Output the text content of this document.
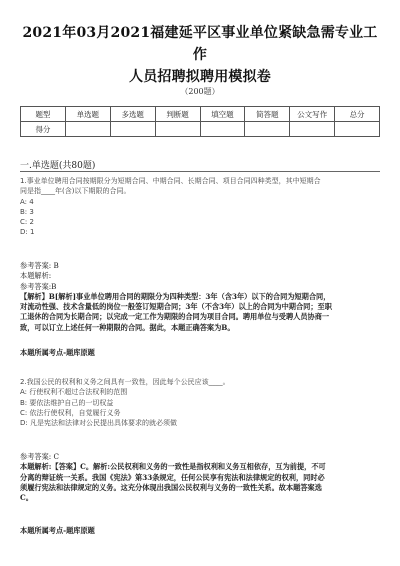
2021年03月2021福建延平区事业单位紧缺急需专业工作
人员招聘拟聘用模拟卷
（200题）
题型	单选题	多选题	判断题	填空题	简答题	公文写作	总分
得分							
一.单选题(共80题)
1.事业单位聘用合同按期限分为短期合同、中期合同、长期合同、项目合同四种类型，其中短期合
同是指____年(含)以下期限的合同。
A: 4
B: 3
C: 2
D: 1
参考答案: B
本题解析:
参考答案:B
【解析】B[解析]事业单位聘用合同的期限分为四种类型：3年（含3年）以下的合同为短期合同，
对流动性强、技术含量低的岗位一般签订短期合同；3年（不含3年）以上的合同为中期合同；至职
工退休的合同为长期合同；以完成一定工作为期限的合同为项目合同。聘用单位与受聘人员协商一
致，可以订立上述任何一种期限的合同。据此，本题正确答案为B。
本题所属考点-题库原题
2.我国公民的权利和义务之间具有一致性，因此每个公民应该____。
A: 行使权利不超过合法权利的范围
B: 要依法维护自己的一切权益
C: 依法行使权利，自觉履行义务
D: 凡是宪法和法律对公民提出具体要求的就必须做
参考答案: C
本题解析:【答案】C。解析:公民权利和义务的一致性是指权利和义务互相依存，互为前提，不可
分离的辩证统一关系。我国《宪法》第33条规定，任何公民享有宪法和法律规定的权利，同时必
须履行宪法和法律规定的义务。这充分体现出我国公民权利与义务的一致性关系。故本题答案选
C。
本题所属考点-题库原题
